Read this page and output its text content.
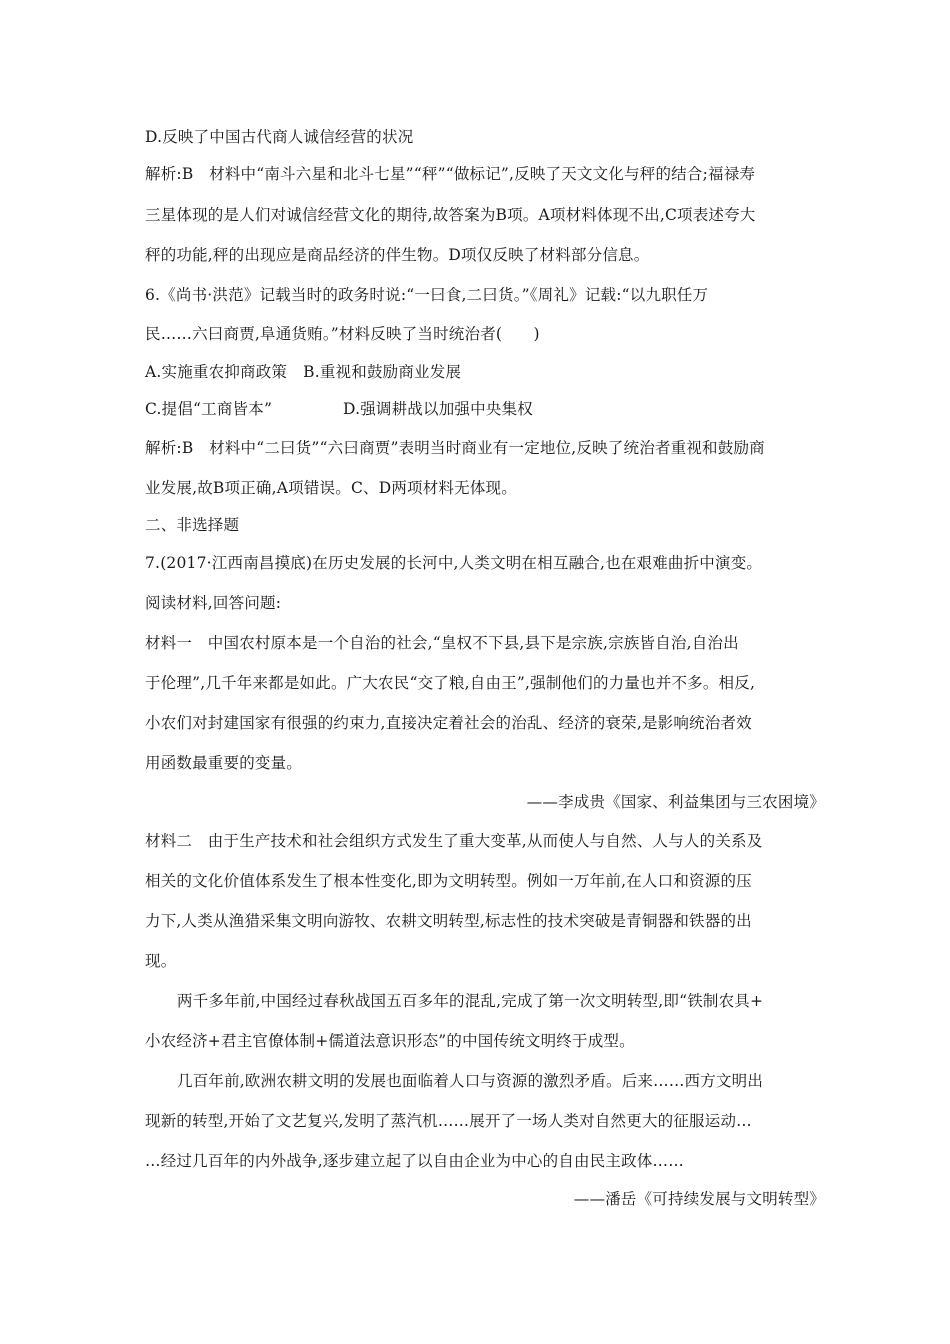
D.反映了中国古代商人诚信经营的状况
解析:B　材料中“南斗六星和北斗七星”“秤”“做标记”,反映了天文文化与秤的结合;福禄寿
三星体现的是人们对诚信经营文化的期待,故答案为B项。A项材料体现不出,C项表述夸大
秤的功能,秤的出现应是商品经济的伴生物。D项仅反映了材料部分信息。
6.《尚书·洪范》记载当时的政务时说:“一曰食,二曰货。”《周礼》记载:“以九职任万
民……六曰商贾,阜通货贿。”材料反映了当时统治者(　　)
A.实施重农抑商政策 B.重视和鼓励商业发展
C.提倡“工商皆本”	D.强调耕战以加强中央集权
解析:B　材料中“二曰货”“六曰商贾”表明当时商业有一定地位,反映了统治者重视和鼓励商
业发展,故B项正确,A项错误。C、D两项材料无体现。
二、非选择题
7.(2017·江西南昌摸底)在历史发展的长河中,人类文明在相互融合,也在艰难曲折中演变。
阅读材料,回答问题:
材料一　中国农村原本是一个自治的社会,“皇权不下县,县下是宗族,宗族皆自治,自治出
于伦理”,几千年来都是如此。广大农民“交了粮,自由王”,强制他们的力量也并不多。相反,
小农们对封建国家有很强的约束力,直接决定着社会的治乱、经济的衰荣,是影响统治者效
用函数最重要的变量。
——李成贵《国家、利益集团与三农困境》
材料二　由于生产技术和社会组织方式发生了重大变革,从而使人与自然、人与人的关系及
相关的文化价值体系发生了根本性变化,即为文明转型。例如一万年前,在人口和资源的压
力下,人类从渔猎采集文明向游牧、农耕文明转型,标志性的技术突破是青铜器和铁器的出
现。
两千多年前,中国经过春秋战国五百多年的混乱,完成了第一次文明转型,即“铁制农具+
小农经济+君主官僚体制+儒道法意识形态”的中国传统文明终于成型。
几百年前,欧洲农耕文明的发展也面临着人口与资源的激烈矛盾。后来……西方文明出
现新的转型,开始了文艺复兴,发明了蒸汽机……展开了一场人类对自然更大的征服运动…
…经过几百年的内外战争,逐步建立起了以自由企业为中心的自由民主政体……
——潘岳《可持续发展与文明转型》
